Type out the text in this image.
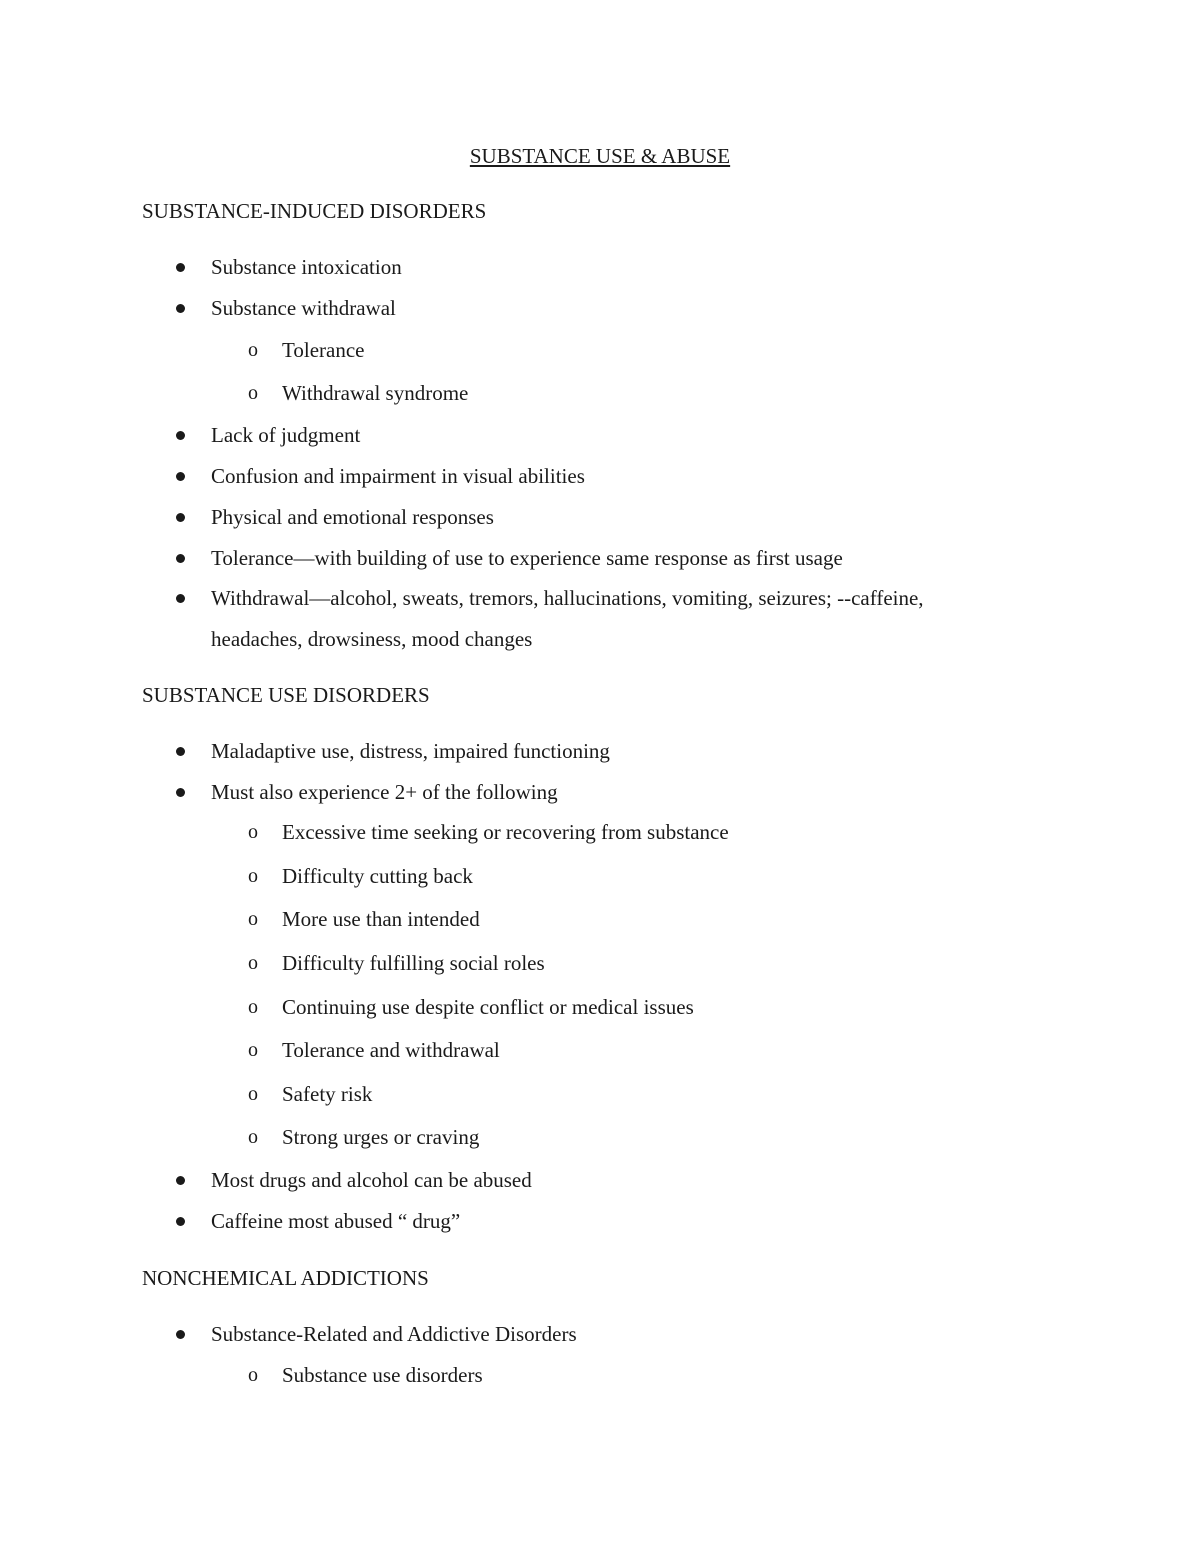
SUBSTANCE USE & ABUSE
SUBSTANCE-INDUCED DISORDERS
Substance intoxication
Substance withdrawal
o Tolerance
o Withdrawal syndrome
Lack of judgment
Confusion and impairment in visual abilities
Physical and emotional responses
Tolerance—with building of use to experience same response as first usage
Withdrawal—alcohol, sweats, tremors, hallucinations, vomiting, seizures; --caffeine,
headaches, drowsiness, mood changes
SUBSTANCE USE DISORDERS
Maladaptive use, distress, impaired functioning
Must also experience 2+ of the following
o Excessive time seeking or recovering from substance
o Difficulty cutting back
o More use than intended
o Difficulty fulfilling social roles
o Continuing use despite conflict or medical issues
o Tolerance and withdrawal
o Safety risk
o Strong urges or craving
Most drugs and alcohol can be abused
Caffeine most abused “ drug”
NONCHEMICAL ADDICTIONS
Substance-Related and Addictive Disorders
o Substance use disorders
